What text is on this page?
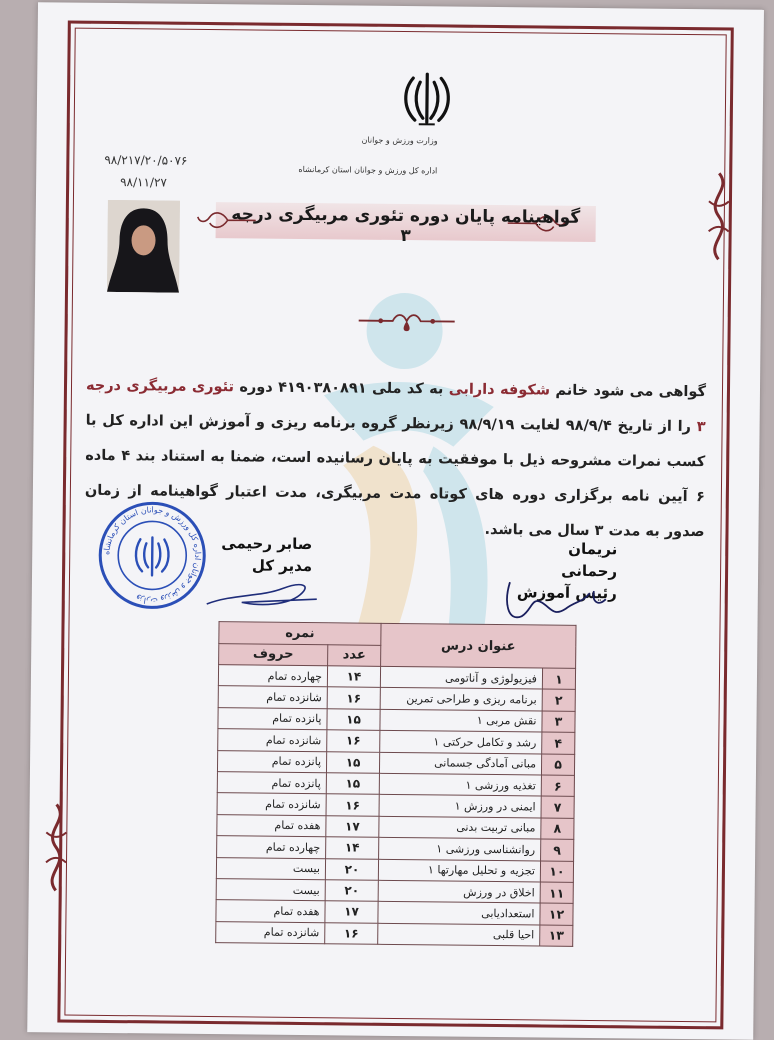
وزارت ورزش و جوانان
اداره کل ورزش و جوانان استان کرمانشاه
۹۸/۲۱۷/۲۰/۵۰۷۶
۹۸/۱۱/۲۷
گواهینامه پایان دوره تئوری مربیگری درجه ۳
گواهی می شود خانم شکوفه دارابی به کد ملی ۴۱۹۰۳۸۰۸۹۱ دوره تئوری مربیگری درجه ۳ را از تاریخ ۹۸/۹/۴ لغایت ۹۸/۹/۱۹ زیرنظر گروه برنامه ریزی و آموزش این اداره کل با کسب نمرات مشروحه ذیل با موفقیت به پایان رسانیده است، ضمنا به استناد بند ۴ ماده ۶ آیین نامه برگزاری دوره های کوتاه مدت مربیگری، مدت اعتبار گواهینامه از زمان صدور به مدت ۳ سال می باشد.
وزارت ورزش و جوانان اداره کل ورزش و جوانان استان کرمانشاه
صابر رحیمی
مدیر کل
نریمان رحمانی
رئیس آموزش
عنوان درس		نمره	
		عدد	حروف
۱	فیزیولوژی و آناتومی	۱۴	چهارده تمام
۲	برنامه ریزی و طراحی تمرین	۱۶	شانزده تمام
۳	نقش مربی ۱	۱۵	پانزده تمام
۴	رشد و تکامل حرکتی ۱	۱۶	شانزده تمام
۵	مبانی آمادگی جسمانی	۱۵	پانزده تمام
۶	تغذیه ورزشی ۱	۱۵	پانزده تمام
۷	ایمنی در ورزش ۱	۱۶	شانزده تمام
۸	مبانی تربیت بدنی	۱۷	هفده تمام
۹	روانشناسی ورزشی ۱	۱۴	چهارده تمام
۱۰	تجزیه و تحلیل مهارتها ۱	۲۰	بیست
۱۱	اخلاق در ورزش	۲۰	بیست
۱۲	استعدادیابی	۱۷	هفده تمام
۱۳	احیا قلبی	۱۶	شانزده تمام
